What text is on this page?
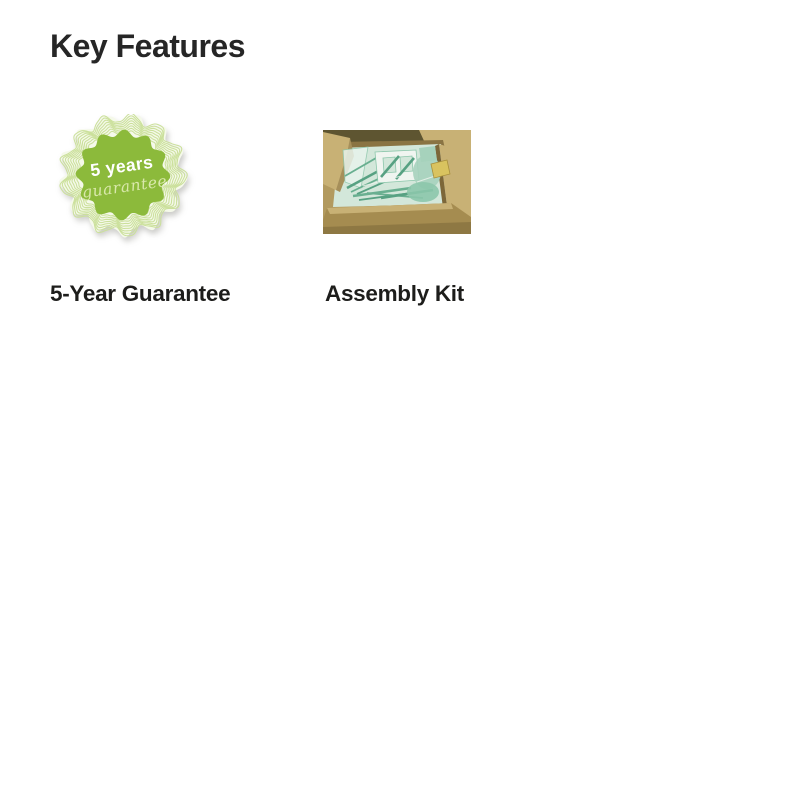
Key Features
5 years
guarantee
5-Year Guarantee	Assembly Kit
